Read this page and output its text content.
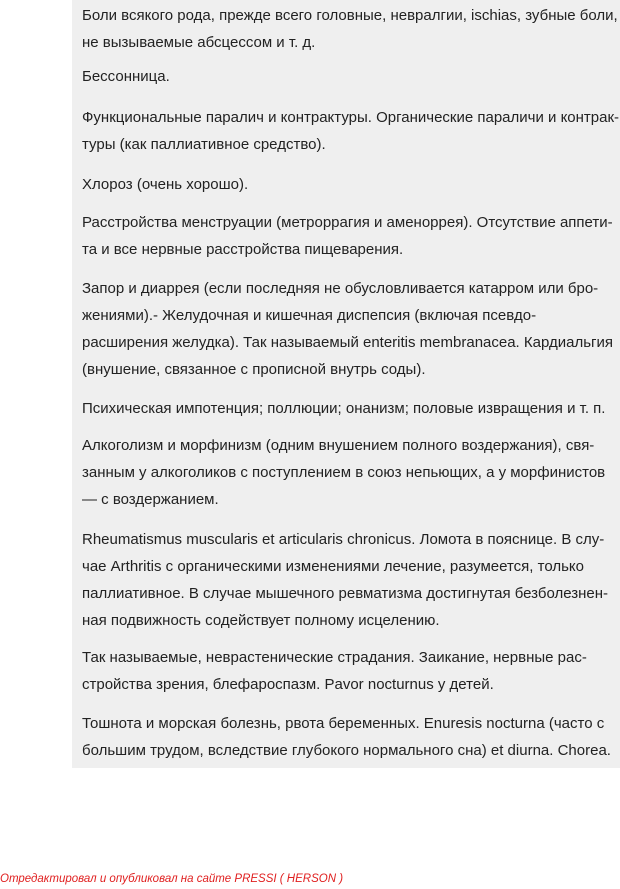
Боли всякого рода, прежде всего головные, невралгии, ischias, зубные боли,
не вызываемые абсцессом и т. д.

Бессонница.

Функциональные паралич и контрактуры. Органические параличи и контрак-
туры (как паллиативное средство).

Хлороз (очень хорошо).

Расстройства менструации (метроррагия и аменоррея). Отсутствие аппети-
та и все нервные расстройства пищеварения.

Запор и диаррея (если последняя не обусловливается катарром или бро-
жениями).- Желудочная и кишечная диспепсия (включая псевдо-
расширения желудка). Так называемый enteritis membranacea. Кардиальгия
(внушение, связанное с прописной внутрь соды).

Психическая импотенция; поллюции; онанизм; половые извращения и т. п.

Алкоголизм и морфинизм (одним внушением полного воздержания), свя-
занным у алкоголиков с поступлением в союз непьющих, а у морфинистов
— с воздержанием.

Rheumatismus muscularis et articularis chronicus. Ломота в пояснице. В слу-
чае Arthritis с органическими изменениями лечение, разумеется, только
паллиативное. В случае мышечного ревматизма достигнутая безболезнен-
ная подвижность содействует полному исцелению.

Так называемые, неврастенические страдания. Заикание, нервные рас-
стройства зрения, блефароспазм. Pavor nocturnus у детей.

Тошнота и морская болезнь, рвота беременных. Enuresis nocturna (часто с
большим трудом, вследствие глубокого нормального сна) et diurna. Chorea.

Отредактировал и опубликовал на сайте PRESSI ( HERSON )
